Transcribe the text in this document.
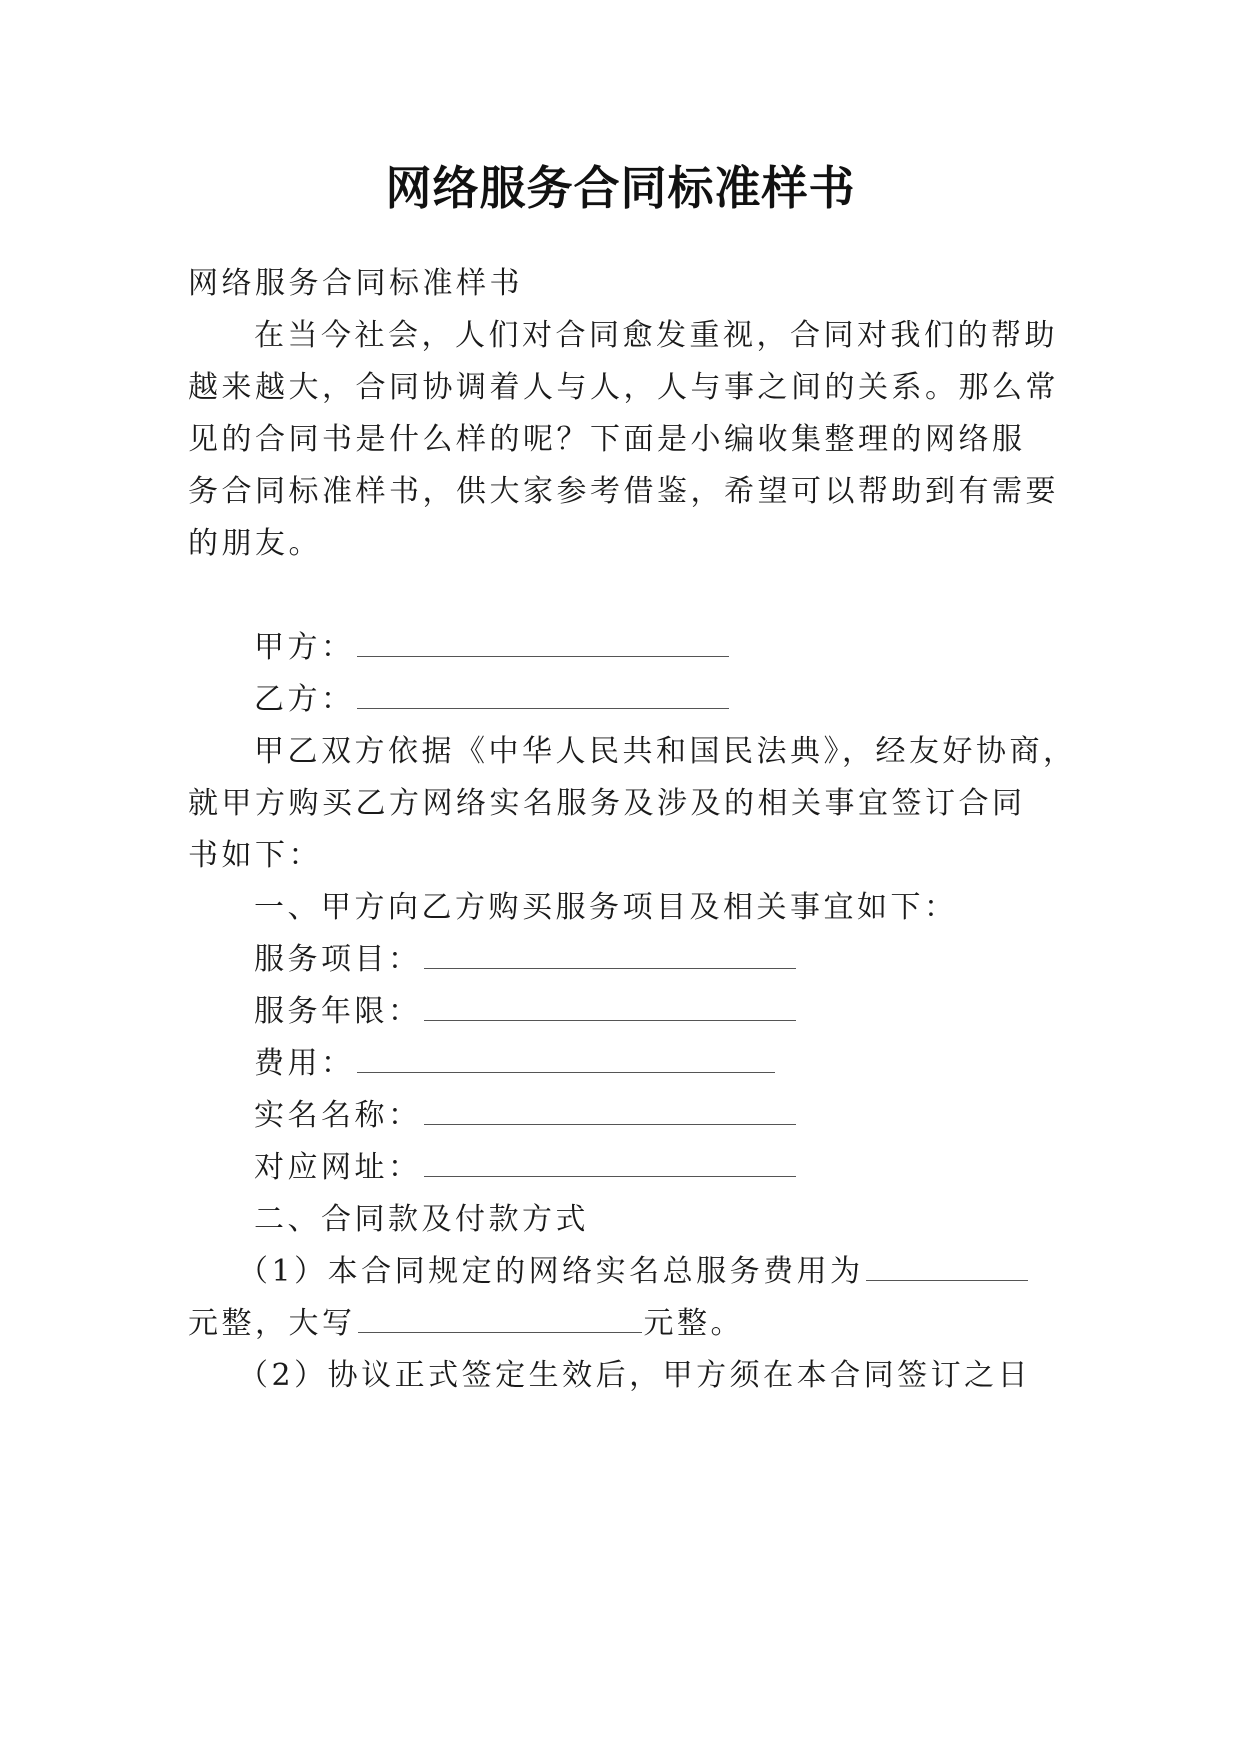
网络服务合同标准样书
网络服务合同标准样书
在当今社会，人们对合同愈发重视，合同对我们的帮助
越来越大，合同协调着人与人，人与事之间的关系。那么常
见的合同书是什么样的呢？下面是小编收集整理的网络服
务合同标准样书，供大家参考借鉴，希望可以帮助到有需要
的朋友。
甲方：
乙方：
甲乙双方依据《中华人民共和国民法典》，经友好协商，
就甲方购买乙方网络实名服务及涉及的相关事宜签订合同
书如下：
一、甲方向乙方购买服务项目及相关事宜如下：
服务项目：
服务年限：
费用：
实名名称：
对应网址：
二、合同款及付款方式
（1）本合同规定的网络实名总服务费用为
元整，大写	元整。
（2）协议正式签定生效后，甲方须在本合同签订之日
